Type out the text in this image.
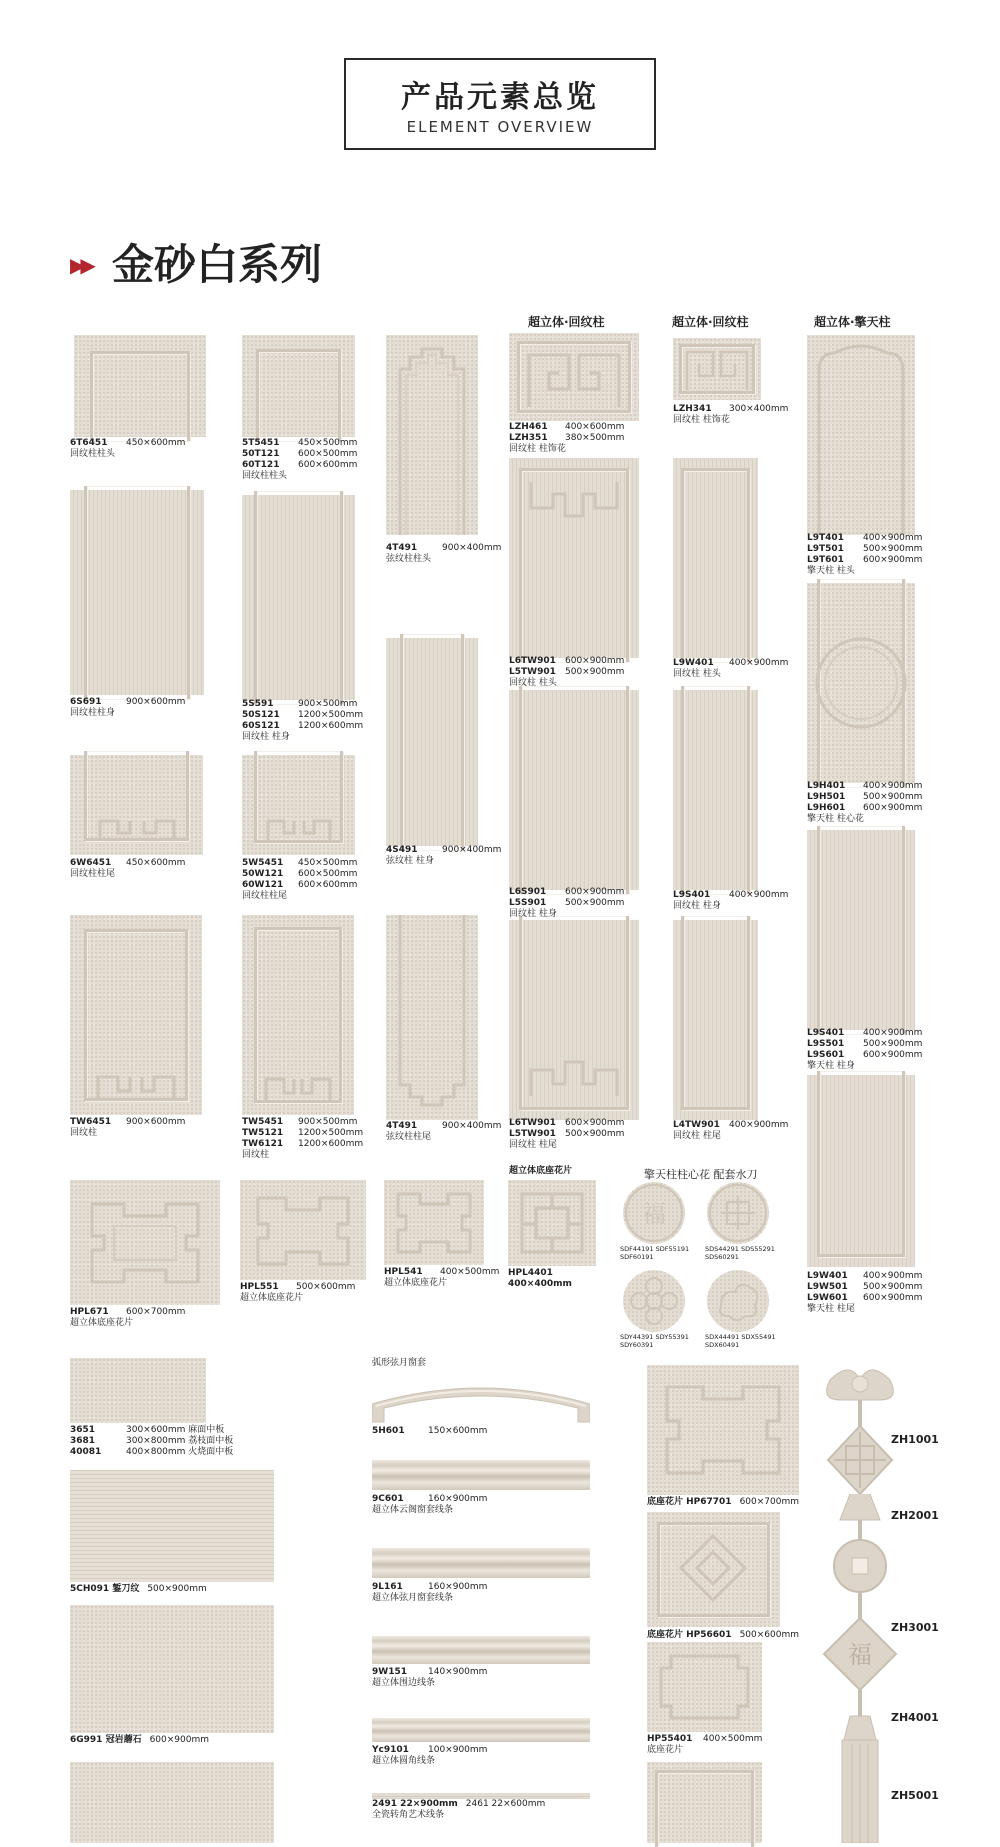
产品元素总览
ELEMENT OVERVIEW
▶▶ 金砂白系列
超立体·回纹柱	超立体·回纹柱	超立体·擎天柱
擎天柱柱心花 配套水刀
福
SDF44191 SDF55191
SDF60191
SDS44291 SDS55291
SDS60291
SDY44391 SDY55391
SDY60391
SDX44491 SDX55491
SDX60491
弧形弦月窗套
福
ZH1001
ZH2001
ZH3001
ZH4001
ZH5001
超立体底座花片
6T6451	450×600mm
回纹柱柱头
6S691	900×600mm
回纹柱柱身
6W6451	450×600mm
回纹柱柱尾
TW6451	900×600mm
回纹柱
5T5451	450×500mm
50T121	600×500mm
60T121	600×600mm
回纹柱柱头
5S591	900×500mm
50S121	1200×500mm
60S121	1200×600mm
回纹柱 柱身
5W5451	450×500mm
50W121	600×500mm
60W121	600×600mm
回纹柱柱尾
TW5451	900×500mm
TW5121	1200×500mm
TW6121	1200×600mm
回纹柱
4T491	900×400mm
弦纹柱柱头
4S491	900×400mm
弦纹柱 柱身
4T491	900×400mm
弦纹柱柱尾
LZH461	400×600mm
LZH351	380×500mm
回纹柱 柱饰花
L6TW901 600×900mm
L5TW901 500×900mm
回纹柱 柱头
L6S901	600×900mm
L5S901	500×900mm
回纹柱 柱身
L6TW901 600×900mm
L5TW901 500×900mm
回纹柱 柱尾
LZH341	300×400mm
回纹柱 柱饰花
L9W401	400×900mm
回纹柱 柱头
L9S401	400×900mm
回纹柱 柱身
L4TW901 400×900mm
回纹柱 柱尾
L9T401	400×900mm
L9T501	500×900mm
L9T601	600×900mm
擎天柱 柱头
L9H401	400×900mm
L9H501	500×900mm
L9H601	600×900mm
擎天柱 柱心花
L9S401	400×900mm
L9S501	500×900mm
L9S601	600×900mm
擎天柱 柱身
L9W401	400×900mm
L9W501	500×900mm
L9W601	600×900mm
擎天柱 柱尾
HPL671	600×700mm
超立体底座花片
HPL551	500×600mm
超立体底座花片
HPL541	400×500mm
超立体底座花片
HPL4401
400×400mm
3651	300×600mm 麻面中板
3681	300×800mm 荔枝面中板
40081	400×800mm 火烧面中板
5CH091 錾刀纹 500×900mm
6G991 冠岩蘑石 600×900mm
5H601	150×600mm
9C601	160×900mm
超立体云阁窗套线条
9L161	160×900mm
超立体弦月窗套线条
9W151	140×900mm
超立体围边线条
Yc9101	100×900mm
超立体圆角线条
2491 22×900mm 2461 22×600mm
全瓷转角艺术线条
底座花片 HP67701 600×700mm
底座花片 HP56601 500×600mm
HP55401 400×500mm
底座花片
